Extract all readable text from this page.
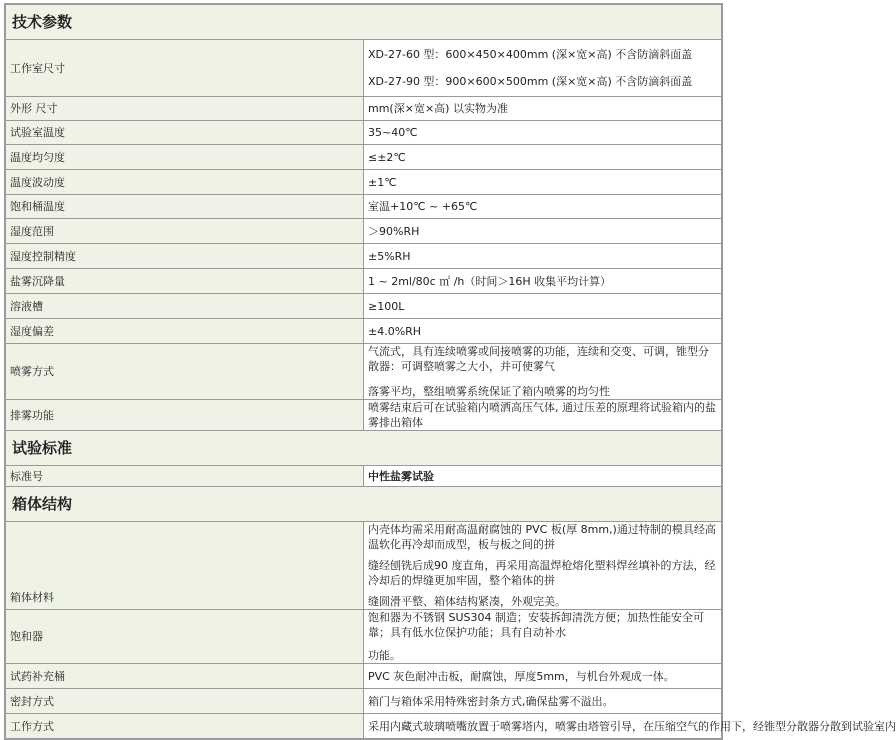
技术参数	
工作室尺寸	XD-27-60 型：600×450×400mm (深×宽×高) 不含防滴斜面盖
XD-27-90 型：900×600×500mm (深×宽×高) 不含防滴斜面盖

外形 尺寸	mm(深×宽×高) 以实物为准
试验室温度	35~40℃
温度均匀度	≤±2℃
温度波动度	±1℃
饱和桶温度	室温+10℃ ~ +65℃
湿度范围	＞90%RH
湿度控制精度	±5%RH
盐雾沉降量	1 ~ 2ml/80c ㎡ /h（时间＞16H 收集平均计算）
溶液槽	≥100L
湿度偏差	±4.0%RH
喷雾方式	气流式，具有连续喷雾或间接喷雾的功能，连续和交变、可调，锥型分散器：可调整喷雾之大小，并可使雾气
落雾平均，整组喷雾系统保证了箱内喷雾的均匀性

排雾功能	喷雾结束后可在试验箱内喷洒高压气体, 通过压差的原理将试验箱内的盐雾排出箱体
试验标准	
标准号	中性盐雾试验
箱体结构	
箱体材料	内壳体均需采用耐高温耐腐蚀的 PVC 板(厚 8mm,)通过特制的模具经高温软化再冷却而成型，板与板之间的拼
缝经刨铣后成90 度直角，再采用高温焊枪熔化塑料焊丝填补的方法，经冷却后的焊缝更加牢固，整个箱体的拼
缝圆滑平整、箱体结构紧凑，外观完美。

饱和器	饱和器为不锈钢 SUS304 制造；安装拆卸清洗方便；加热性能安全可靠；具有低水位保护功能；具有自动补水
功能。

试药补充桶	PVC 灰色耐冲击板，耐腐蚀，厚度5mm，与机台外观成一体。
密封方式	箱门与箱体采用特殊密封条方式,确保盐雾不溢出。
工作方式	采用内藏式玻璃喷嘴放置于喷雾塔内，喷雾由塔管引导，在压缩空气的作用下，经锥型分散器分散到试验室内
